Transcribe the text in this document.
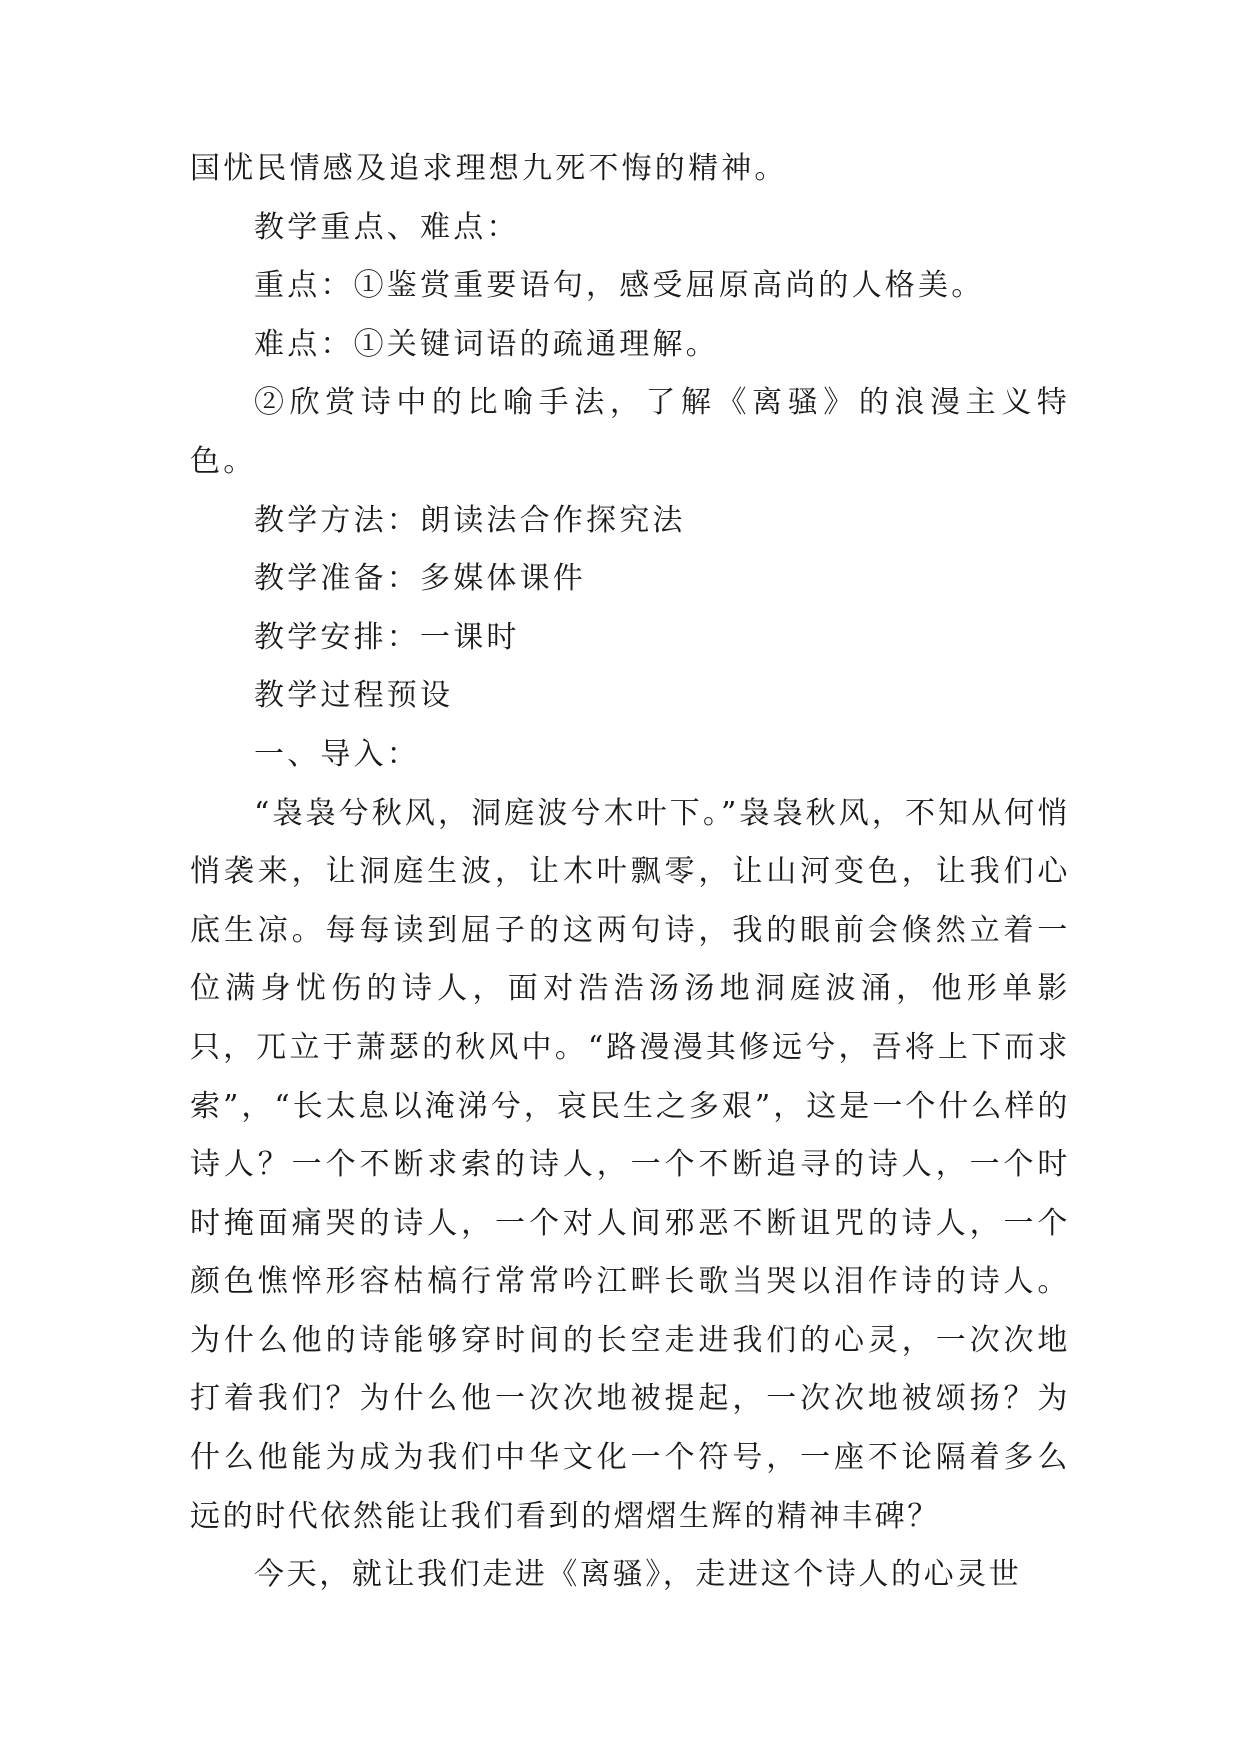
国忧民情感及追求理想九死不悔的精神。

教学重点、难点：

重点：①鉴赏重要语句，感受屈原高尚的人格美。

难点：①关键词语的疏通理解。

②欣赏诗中的比喻手法，了解《离骚》的浪漫主义特色。

教学方法：朗读法合作探究法

教学准备：多媒体课件

教学安排：一课时

教学过程预设

一、导入：

“袅袅兮秋风，洞庭波兮木叶下。”袅袅秋风，不知从何悄悄袭来，让洞庭生波，让木叶飘零，让山河变色，让我们心底生凉。每每读到屈子的这两句诗，我的眼前会倏然立着一位满身忧伤的诗人，面对浩浩汤汤地洞庭波涌，他形单影只，兀立于萧瑟的秋风中。“路漫漫其修远兮，吾将上下而求索”，“长太息以淹涕兮，哀民生之多艰”，这是一个什么样的诗人？一个不断求索的诗人，一个不断追寻的诗人，一个时时掩面痛哭的诗人，一个对人间邪恶不断诅咒的诗人，一个颜色憔悴形容枯槁行常常吟江畔长歌当哭以泪作诗的诗人。为什么他的诗能够穿时间的长空走进我们的心灵，一次次地打着我们？为什么他一次次地被提起，一次次地被颂扬？为什么他能为成为我们中华文化一个符号，一座不论隔着多么远的时代依然能让我们看到的熠熠生辉的精神丰碑？

今天，就让我们走进《离骚》，走进这个诗人的心灵世
